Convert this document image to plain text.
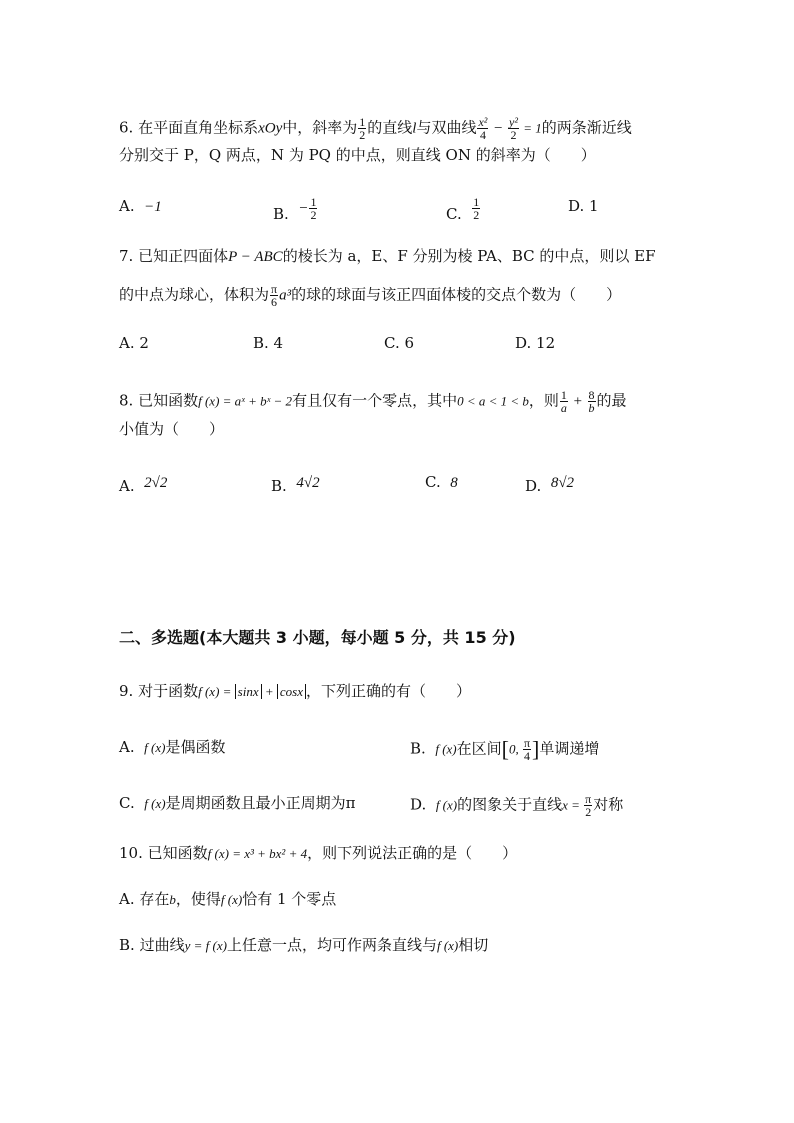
6. 在平面直角坐标系xOy中，斜率为 $\frac{1}{2}$ 的直线l与双曲线 $\frac{\text{x²}}{4} - \frac{\text{y²}}{2} = 1$的两条渐近线
分别交于 P，Q 两点，N 为 PQ 的中点，则直线 ON 的斜率为（　　）
A. −1	B. − $\frac{1}{2}$	C. $\frac{1}{2}$	D. 1
7. 已知正四面体P − ABC的棱长为 a，E、F 分别为棱 PA、BC 的中点，则以 EF
的中点为球心，体积为 $\frac{\pi}{6} a^3$的球的球面与该正四面体棱的交点个数为（　　）
A. 2	B. 4	C. 6	D. 12
8. 已知函数f (x) = aˣ + bˣ − 2有且仅有一个零点，其中0 < a < 1 < b，则 $\frac{1}{a} + \frac{8}{b}$ 的最
小值为（　　）
A. 2√2	B. 4√2	C. 8	D. 8√2
二、多选题(本大题共 3 小题，每小题 5 分，共 15 分)
9. 对于函数f (x) = sinx + cosx ，下列正确的有（　　）
A. f (x)是偶函数	B. f (x)在区间[0, $\frac{\pi}{4}$ ]单调递增
C. f (x)是周期函数且最小正周期为π	D. f (x)的图象关于直线$x = \frac{\pi}{2}$ 对称
10. 已知函数f (x) = x³ + bx² + 4，则下列说法正确的是（　　）
A. 存在b，使得f (x)恰有 1 个零点
B. 过曲线y = f (x)上任意一点，均可作两条直线与f (x)相切
